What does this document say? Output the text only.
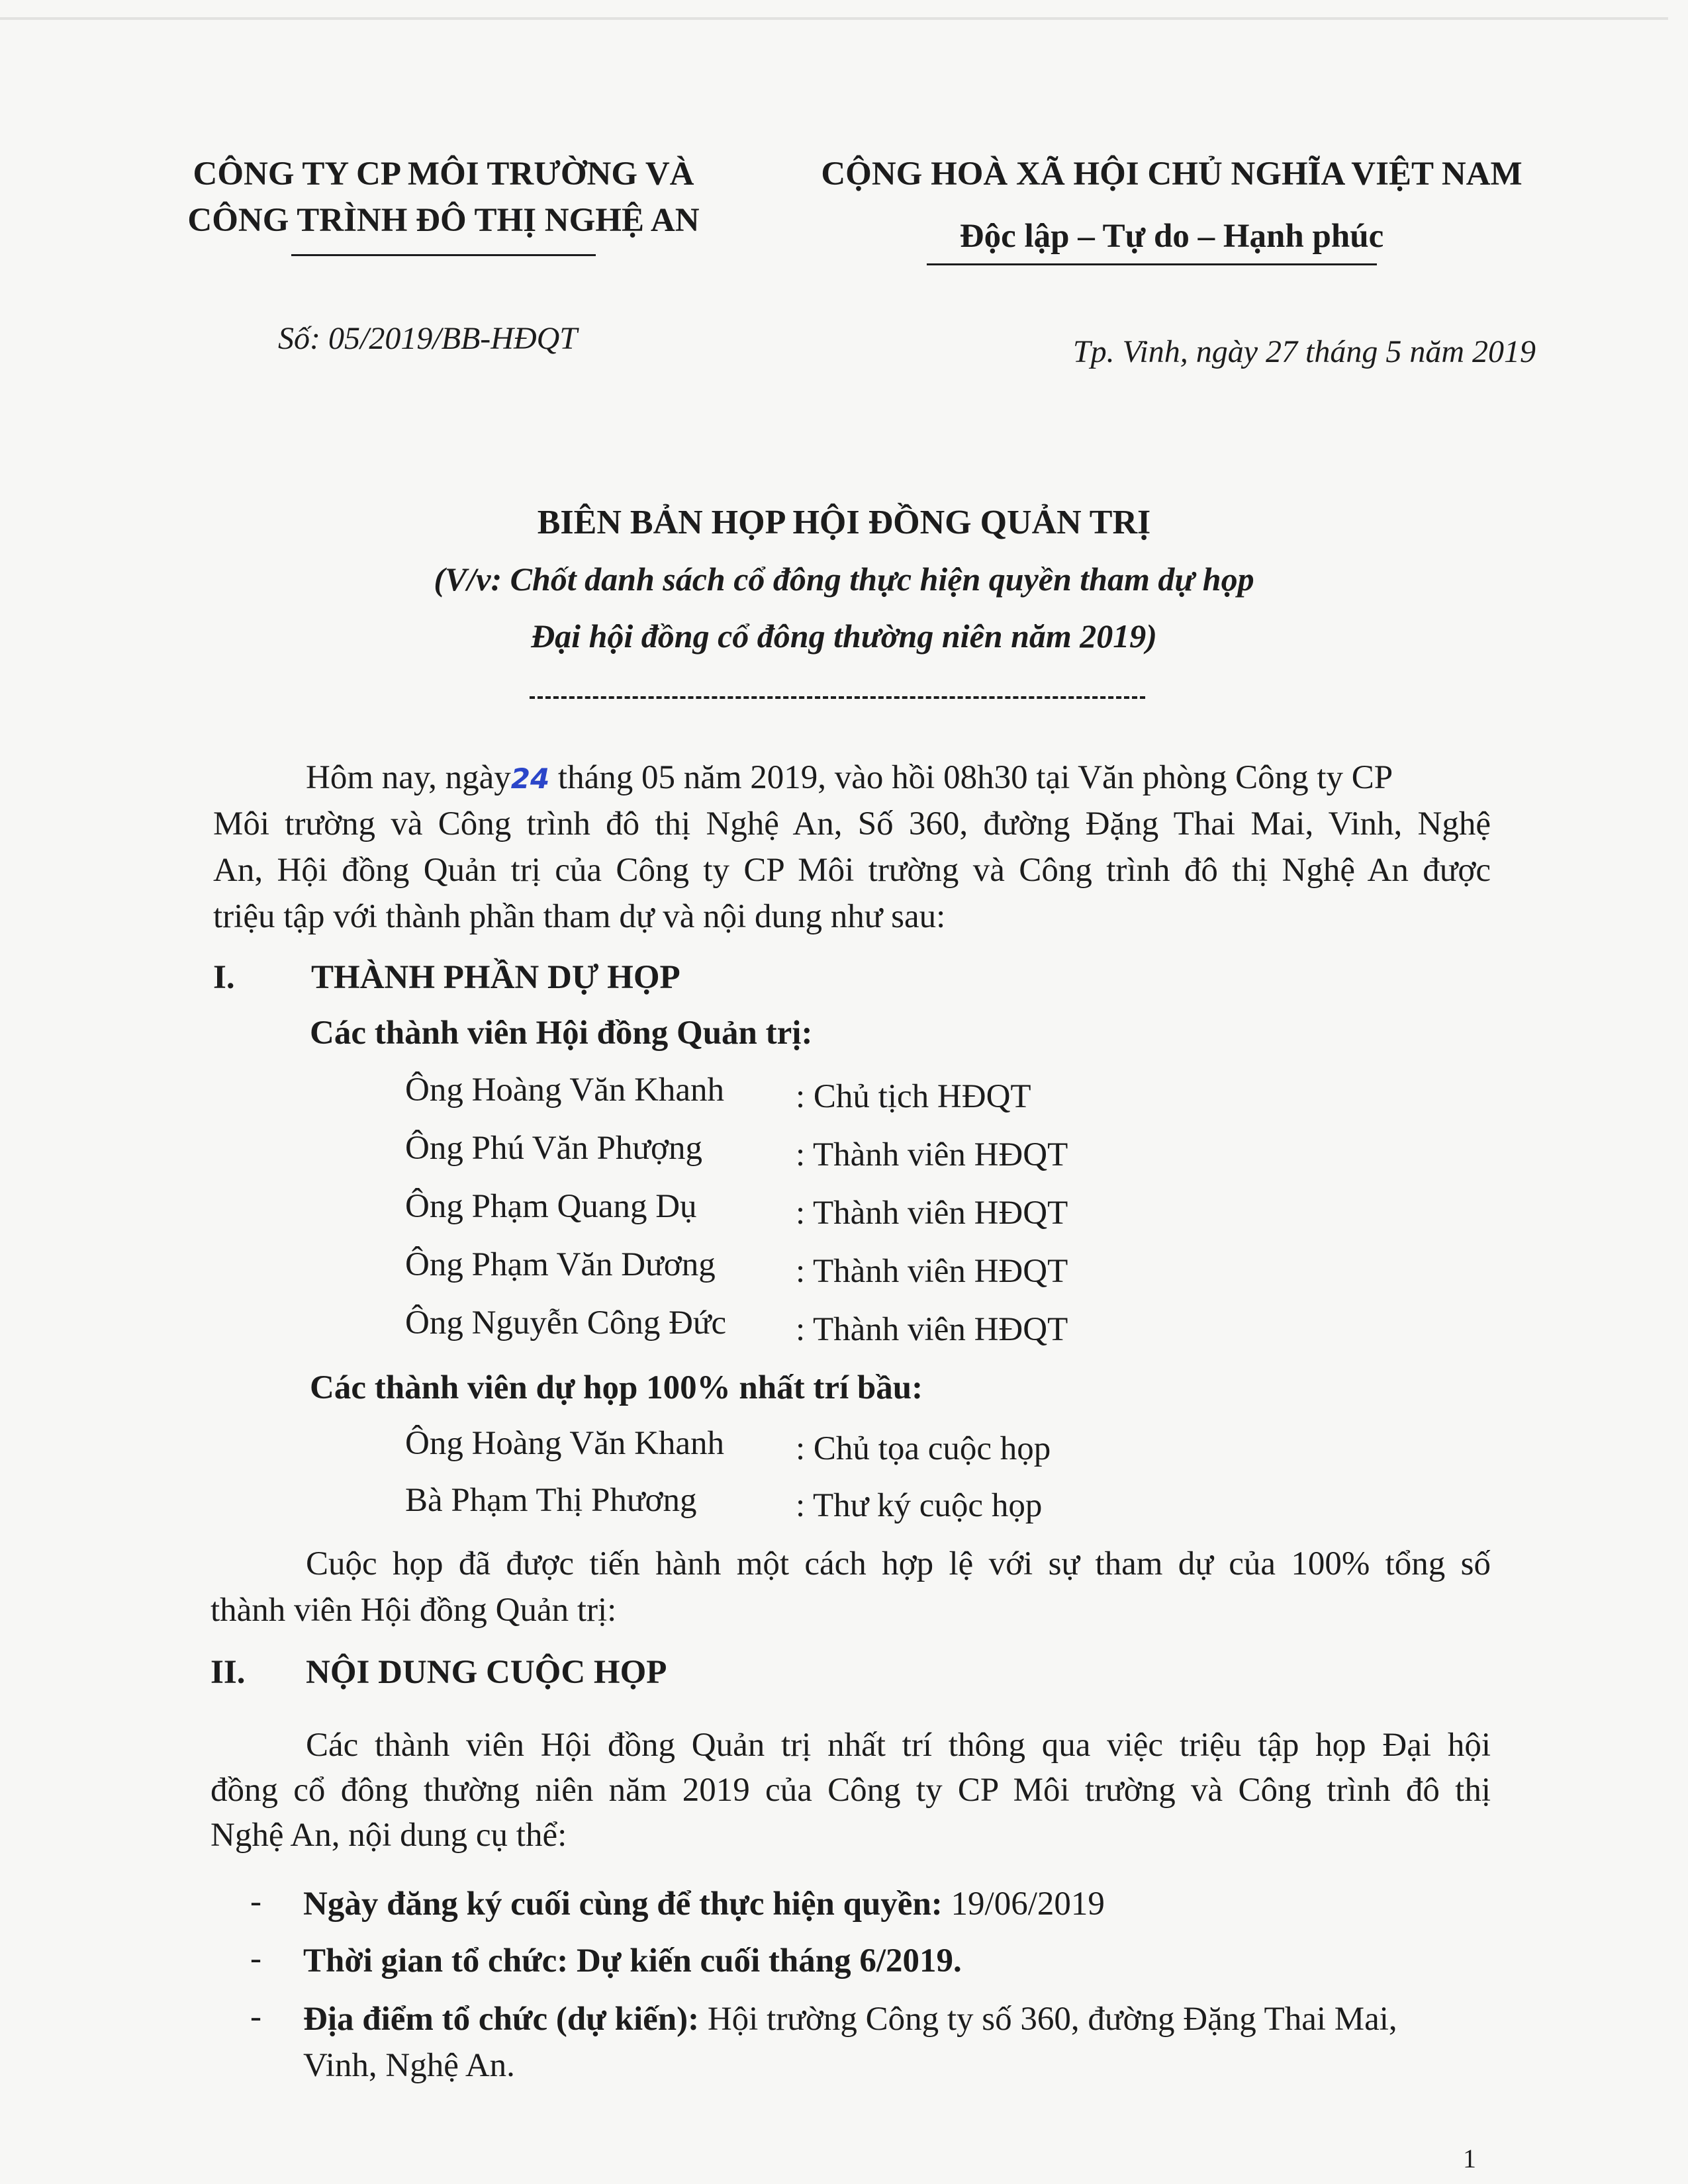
CÔNG TY CP MÔI TRƯỜNG VÀ
CÔNG TRÌNH ĐÔ THỊ NGHỆ AN
CỘNG HOÀ XÃ HỘI CHỦ NGHĨA VIỆT NAM
Độc lập – Tự do – Hạnh phúc
Số: 05/2019/BB-HĐQT	Tp. Vinh, ngày 27 tháng 5 năm 2019
BIÊN BẢN HỌP HỘI ĐỒNG QUẢN TRỊ
(V/v: Chốt danh sách cổ đông thực hiện quyền tham dự họp
Đại hội đồng cổ đông thường niên năm 2019)
Hôm nay, ngày24 tháng 05 năm 2019, vào hồi 08h30 tại Văn phòng Công ty CP
Môi trường và Công trình đô thị Nghệ An, Số 360, đường Đặng Thai Mai, Vinh, Nghệ
An, Hội đồng Quản trị của Công ty CP Môi trường và Công trình đô thị Nghệ An được
triệu tập với thành phần tham dự và nội dung như sau:
I. THÀNH PHẦN DỰ HỌP
Các thành viên Hội đồng Quản trị:
Ông Hoàng Văn Khanh : Chủ tịch HĐQT
Ông Phú Văn Phượng	: Thành viên HĐQT
Ông Phạm Quang Dụ	: Thành viên HĐQT
Ông Phạm Văn Dương : Thành viên HĐQT
Ông Nguyễn Công Đức : Thành viên HĐQT
Các thành viên dự họp 100% nhất trí bầu:
Ông Hoàng Văn Khanh : Chủ tọa cuộc họp
Bà Phạm Thị Phương	: Thư ký cuộc họp
Cuộc họp đã được tiến hành một cách hợp lệ với sự tham dự của 100% tổng số
thành viên Hội đồng Quản trị:
II. NỘI DUNG CUỘC HỌP
Các thành viên Hội đồng Quản trị nhất trí thông qua việc triệu tập họp Đại hội
đồng cổ đông thường niên năm 2019 của Công ty CP Môi trường và Công trình đô thị
Nghệ An, nội dung cụ thể:
- Ngày đăng ký cuối cùng để thực hiện quyền: 19/06/2019
- Thời gian tổ chức: Dự kiến cuối tháng 6/2019.
- Địa điểm tổ chức (dự kiến): Hội trường Công ty số 360, đường Đặng Thai Mai,
Vinh, Nghệ An.
1
